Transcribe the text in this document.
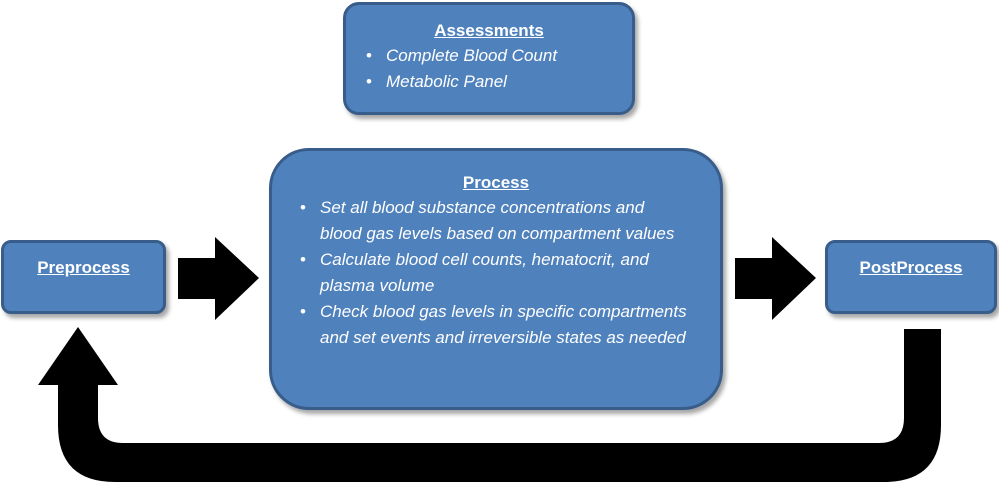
Assessments
• Complete Blood Count
• Metabolic Panel
Process
• Set all blood substance concentrations and blood gas levels based on compartment values
• Calculate blood cell counts, hematocrit, and plasma volume
• Check blood gas levels in specific compartments and set events and irreversible states as needed
Preprocess	PostProcess
